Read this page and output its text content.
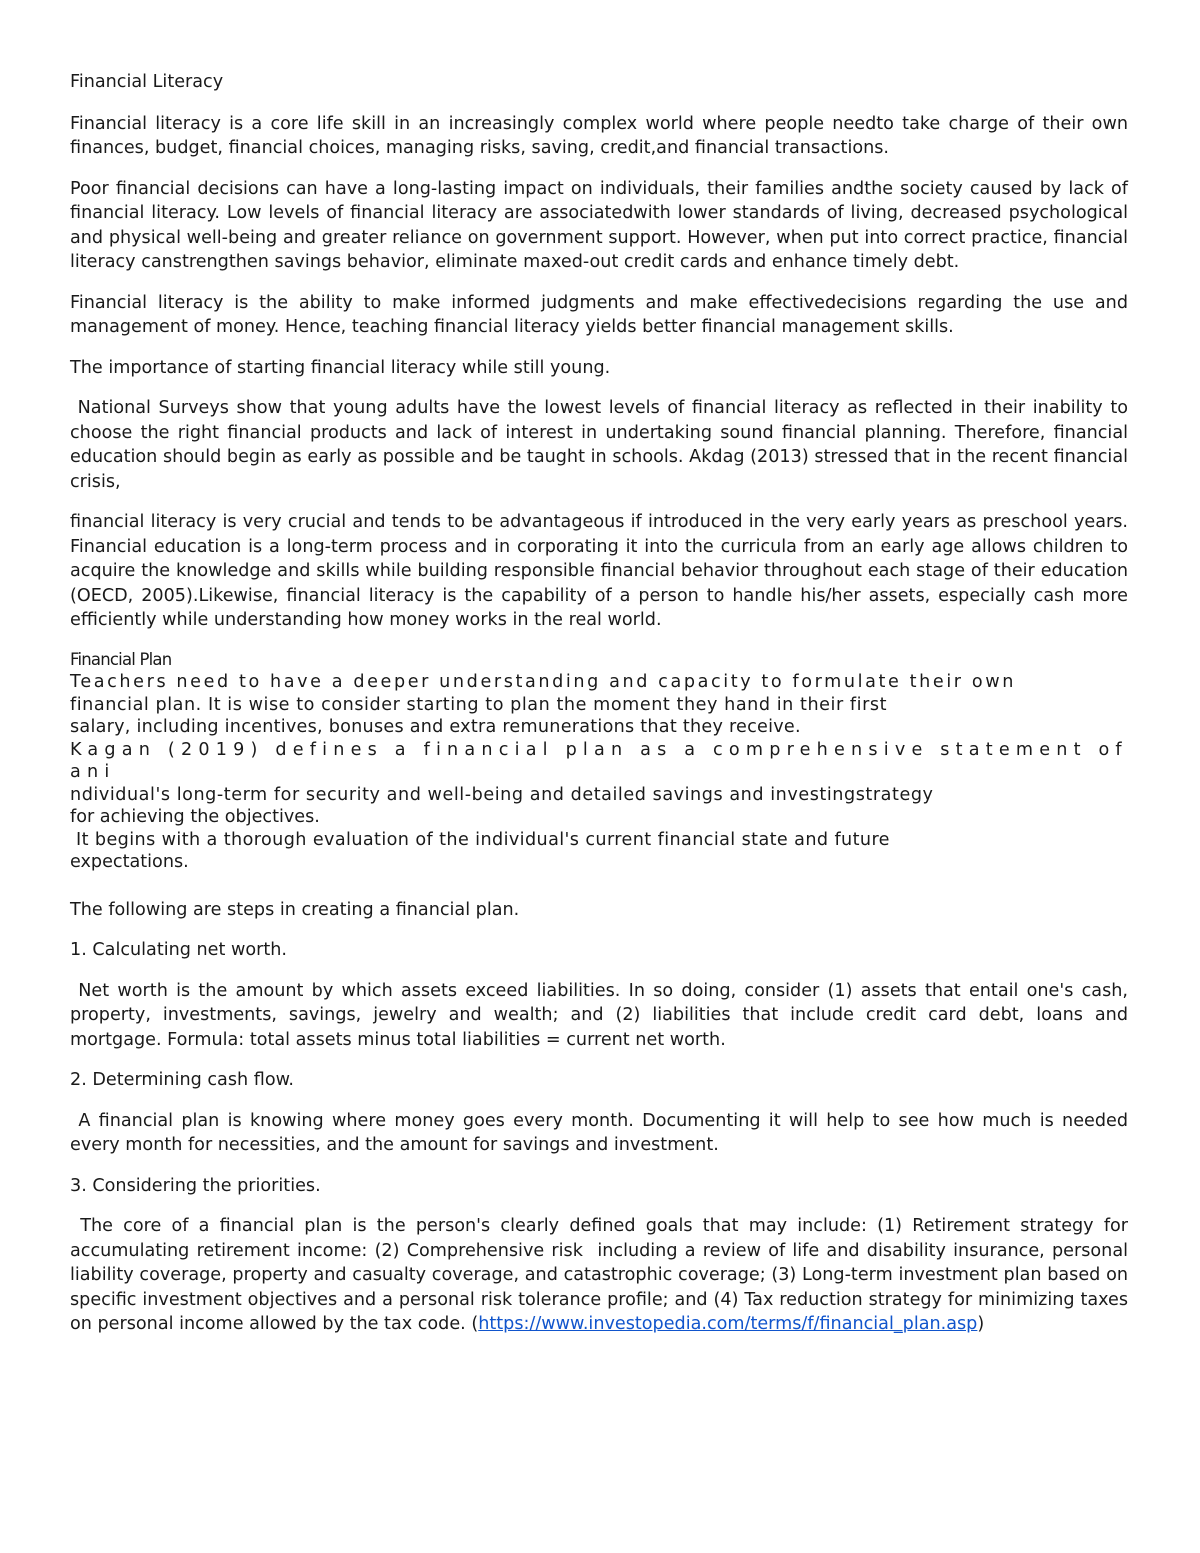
Financial Literacy

Financial literacy is a core life skill in an increasingly complex world where people needto take charge of their own finances, budget, financial choices, managing risks, saving, credit,and financial transactions.

Poor financial decisions can have a long-lasting impact on individuals, their families andthe society caused by lack of financial literacy. Low levels of financial literacy are associatedwith lower standards of living, decreased psychological and physical well-being and greater reliance on government support. However, when put into correct practice, financial literacy canstrengthen savings behavior, eliminate maxed-out credit cards and enhance timely debt.

Financial literacy is the ability to make informed judgments and make effectivedecisions regarding the use and management of money. Hence, teaching financial literacy yields better financial management skills.

The importance of starting financial literacy while still young.

National Surveys show that young adults have the lowest levels of financial literacy as reflected in their inability to choose the right financial products and lack of interest in undertaking sound financial planning. Therefore, financial education should begin as early as possible and be taught in schools. Akdag (2013) stressed that in the recent financial crisis,

financial literacy is very crucial and tends to be advantageous if introduced in the very early years as preschool years. Financial education is a long-term process and in corporating it into the curricula from an early age allows children to acquire the knowledge and skills while building responsible financial behavior throughout each stage of their education (OECD, 2005).Likewise, financial literacy is the capability of a person to handle his/her assets, especially cash more efficiently while understanding how money works in the real world.

Financial Plan
Teachers need to have a deeper understanding and capacity to formulate their own
financial plan. It is wise to consider starting to plan the moment they hand in their first
salary, including incentives, bonuses and extra remunerations that they receive.
Kagan (2019) defines a financial plan as a comprehensive statement of ani
ndividual's long-term for security and well-being and detailed savings and investingstrategy
for achieving the objectives.
It begins with a thorough evaluation of the individual's current financial state and future
expectations.

The following are steps in creating a financial plan.

1. Calculating net worth.

Net worth is the amount by which assets exceed liabilities. In so doing, consider (1) assets that entail one's cash, property, investments, savings, jewelry and wealth; and (2) liabilities that include credit card debt, loans and mortgage. Formula: total assets minus total liabilities = current net worth.

2. Determining cash flow.

A financial plan is knowing where money goes every month. Documenting it will help to see how much is needed every month for necessities, and the amount for savings and investment.

3. Considering the priorities.

The core of a financial plan is the person's clearly defined goals that may include: (1) Retirement strategy for accumulating retirement income: (2) Comprehensive risk  including a review of life and disability insurance, personal liability coverage, property and casualty coverage, and catastrophic coverage; (3) Long-term investment plan based on specific investment objectives and a personal risk tolerance profile; and (4) Tax reduction strategy for minimizing taxes on personal income allowed by the tax code. (https://www.investopedia.com/terms/f/financial_plan.asp)
